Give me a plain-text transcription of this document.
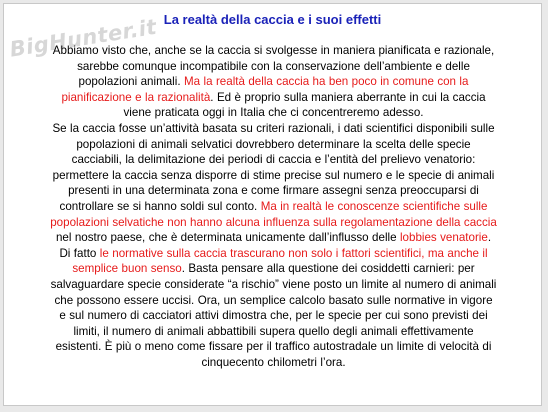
BigHunter.it La realtà della caccia e i suoi effetti
Abbiamo visto che, anche se la caccia si svolgesse in maniera pianificata e razionale,
sarebbe comunque incompatibile con la conservazione dell’ambiente e delle
popolazioni animali. Ma la realtà della caccia ha ben poco in comune con la
pianificazione e la razionalità. Ed è proprio sulla maniera aberrante in cui la caccia
viene praticata oggi in Italia che ci concentreremo adesso.
Se la caccia fosse un’attività basata su criteri razionali, i dati scientifici disponibili sulle
popolazioni di animali selvatici dovrebbero determinare la scelta delle specie
cacciabili, la delimitazione dei periodi di caccia e l’entità del prelievo venatorio:
permettere la caccia senza disporre di stime precise sul numero e le specie di animali
presenti in una determinata zona e come firmare assegni senza preoccuparsi di
controllare se si hanno soldi sul conto. Ma in realtà le conoscenze scientifiche sulle
popolazioni selvatiche non hanno alcuna influenza sulla regolamentazione della caccia
nel nostro paese, che è determinata unicamente dall’influsso delle lobbies venatorie.
Di fatto le normative sulla caccia trascurano non solo i fattori scientifici, ma anche il
semplice buon senso. Basta pensare alla questione dei cosiddetti carnieri: per
salvaguardare specie considerate “a rischio” viene posto un limite al numero di animali
che possono essere uccisi. Ora, un semplice calcolo basato sulle normative in vigore
e sul numero di cacciatori attivi dimostra che, per le specie per cui sono previsti dei
limiti, il numero di animali abbattibili supera quello degli animali effettivamente
esistenti. È più o meno come fissare per il traffico autostradale un limite di velocità di
cinquecento chilometri l’ora.
